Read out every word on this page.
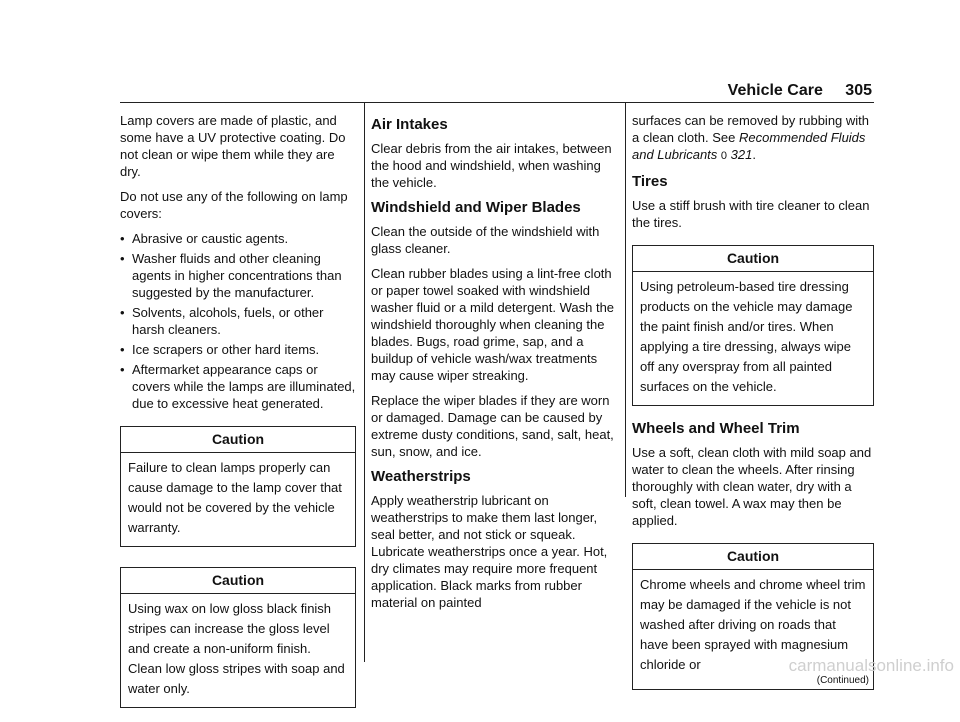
Vehicle Care 305

Lamp covers are made of plastic, and some have a UV protective coating. Do not clean or wipe them while they are dry.

Do not use any of the following on lamp covers:

• Abrasive or caustic agents.
• Washer fluids and other cleaning agents in higher concentrations than suggested by the manufacturer.
• Solvents, alcohols, fuels, or other harsh cleaners.
• Ice scrapers or other hard items.
• Aftermarket appearance caps or covers while the lamps are illuminated, due to excessive heat generated.
Caution
Failure to clean lamps properly can cause damage to the lamp cover that would not be covered by the vehicle warranty.
Caution
Using wax on low gloss black finish stripes can increase the gloss level and create a non-uniform finish. Clean low gloss stripes with soap and water only.
Air Intakes

Clear debris from the air intakes, between the hood and windshield, when washing the vehicle.

Windshield and Wiper Blades

Clean the outside of the windshield with glass cleaner.

Clean rubber blades using a lint-free cloth or paper towel soaked with windshield washer fluid or a mild detergent. Wash the windshield thoroughly when cleaning the blades. Bugs, road grime, sap, and a buildup of vehicle wash/wax treatments may cause wiper streaking.

Replace the wiper blades if they are worn or damaged. Damage can be caused by extreme dusty conditions, sand, salt, heat, sun, snow, and ice.

Weatherstrips

Apply weatherstrip lubricant on weatherstrips to make them last longer, seal better, and not stick or squeak. Lubricate weatherstrips once a year. Hot, dry climates may require more frequent application. Black marks from rubber material on painted

surfaces can be removed by rubbing with a clean cloth. See Recommended Fluids and Lubricants 0 321.

Tires

Use a stiff brush with tire cleaner to clean the tires.

Caution
Using petroleum-based tire dressing products on the vehicle may damage the paint finish and/or tires. When applying a tire dressing, always wipe off any overspray from all painted surfaces on the vehicle.
Wheels and Wheel Trim

Use a soft, clean cloth with mild soap and water to clean the wheels. After rinsing thoroughly with clean water, dry with a soft, clean towel. A wax may then be applied.

Caution
Chrome wheels and chrome wheel trim may be damaged if the vehicle is not washed after driving on roads that have been sprayed with magnesium chloride or
(Continued)
carmanualsonline.info
